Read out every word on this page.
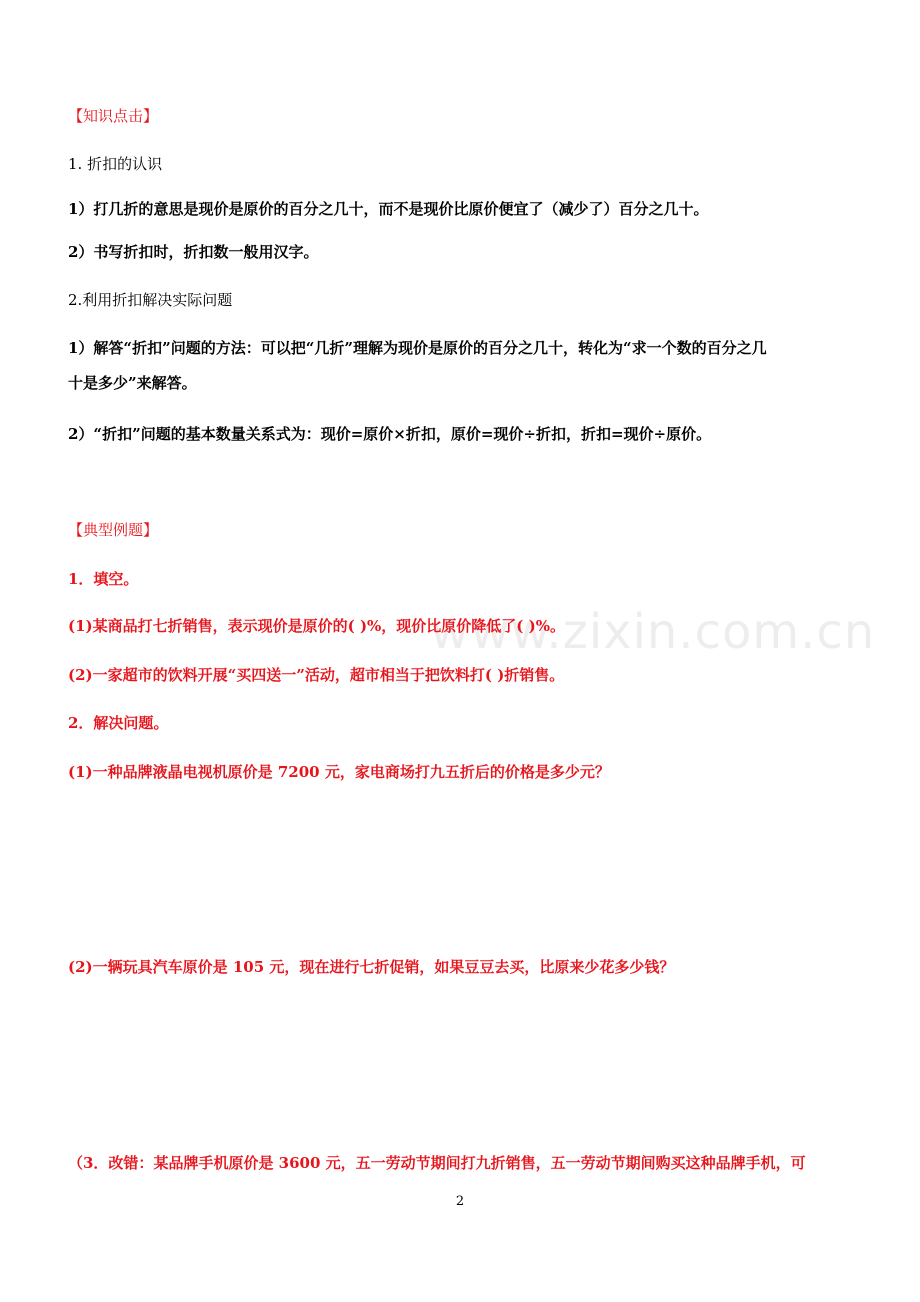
www.zixin.com.cn
【知识点击】
1. 折扣的认识
1）打几折的意思是现价是原价的百分之几十，而不是现价比原价便宜了（减少了）百分之几十。
2）书写折扣时，折扣数一般用汉字。
2.利用折扣解决实际问题
1）解答“折扣”问题的方法：可以把“几折”理解为现价是原价的百分之几十，转化为“求一个数的百分之几
十是多少”来解答。
2）“折扣”问题的基本数量关系式为：现价=原价×折扣，原价=现价÷折扣，折扣=现价÷原价。
【典型例题】
1．填空。
(1)某商品打七折销售，表示现价是原价的( )%，现价比原价降低了( )%。
(2)一家超市的饮料开展“买四送一”活动，超市相当于把饮料打( )折销售。
2．解决问题。
(1)一种品牌液晶电视机原价是 7200 元，家电商场打九五折后的价格是多少元？
(2)一辆玩具汽车原价是 105 元，现在进行七折促销，如果豆豆去买，比原来少花多少钱？
（3．改错：某品牌手机原价是 3600 元，五一劳动节期间打九折销售，五一劳动节期间购买这种品牌手机，可
2
